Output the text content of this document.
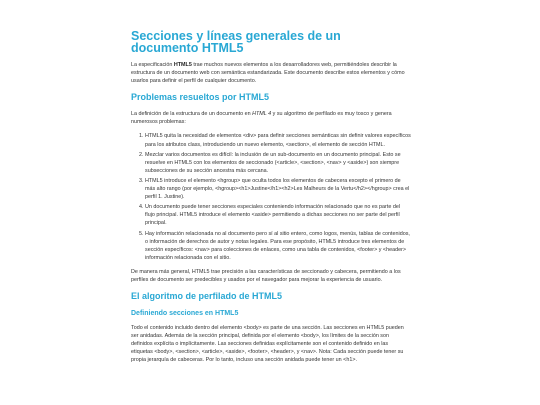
Secciones y líneas generales de un documento HTML5

La especificación HTML5 trae muchos nuevos elementos a los desarrolladores web, permitiéndoles describir la estructura de un documento web con semántica estandarizada. Este documento describe estos elementos y cómo usarlos para definir el perfil de cualquier documento.

Problemas resueltos por HTML5

La definición de la estructura de un documento en HTML 4 y su algoritmo de perfilado es muy tosco y genera numerosos problemas:

1. HTML5 quita la necesidad de elementos <div> para definir secciones semánticas sin definir valores específicos para los atributos class, introduciendo un nuevo elemento, <section>, el elemento de sección HTML.
2. Mezclar varios documentos es difícil: la inclusión de un sub-documento en un documento principal. Esto se resuelve en HTML5 con los elementos de seccionado (<article>, <section>, <nav> y <aside>) son siempre subsecciones de su sección ancestra más cercana.
3. HTML5 introduce el elemento <hgroup> que oculta todos los elementos de cabecera excepto el primero de más alto rango (por ejemplo, <hgroup><h1>Justine</h1><h2>Les Malheurs de la Vertu</h2></hgroup> crea el perfil 1. Justine).
4. Un documento puede tener secciones especiales conteniendo información relacionado que no es parte del flujo principal. HTML5 introduce el elemento <aside> permitiendo a dichas secciones no ser parte del perfil principal.
5. Hay información relacionada no al documento pero sí al sitio entero, como logos, menús, tablas de contenidos, o información de derechos de autor y notas legales. Para ese propósito, HTML5 introduce tres elementos de sección específicos: <nav> para colecciones de enlaces, como una tabla de contenidos, <footer> y <header> información relacionada con el sitio.

De manera más general, HTML5 trae precisión a las características de seccionado y cabecera, permitiendo a los perfiles de documento ser predecibles y usados por el navegador para mejorar la experiencia de usuario.

El algoritmo de perfilado de HTML5
Definiendo secciones en HTML5

Todo el contenido incluido dentro del elemento <body> es parte de una sección. Las secciones en HTML5 pueden ser anidadas. Además de la sección principal, definida por el elemento <body>, los límites de la sección son definidos explícita o implícitamente. Las secciones definidas explícitamente son el contenido definido en las etiquetas <body>, <section>, <article>, <aside>, <footer>, <header>, y <nav>. Nota: Cada sección puede tener su propia jerarquía de cabeceras. Por lo tanto, incluso una sección anidada puede tener un <h1>.
